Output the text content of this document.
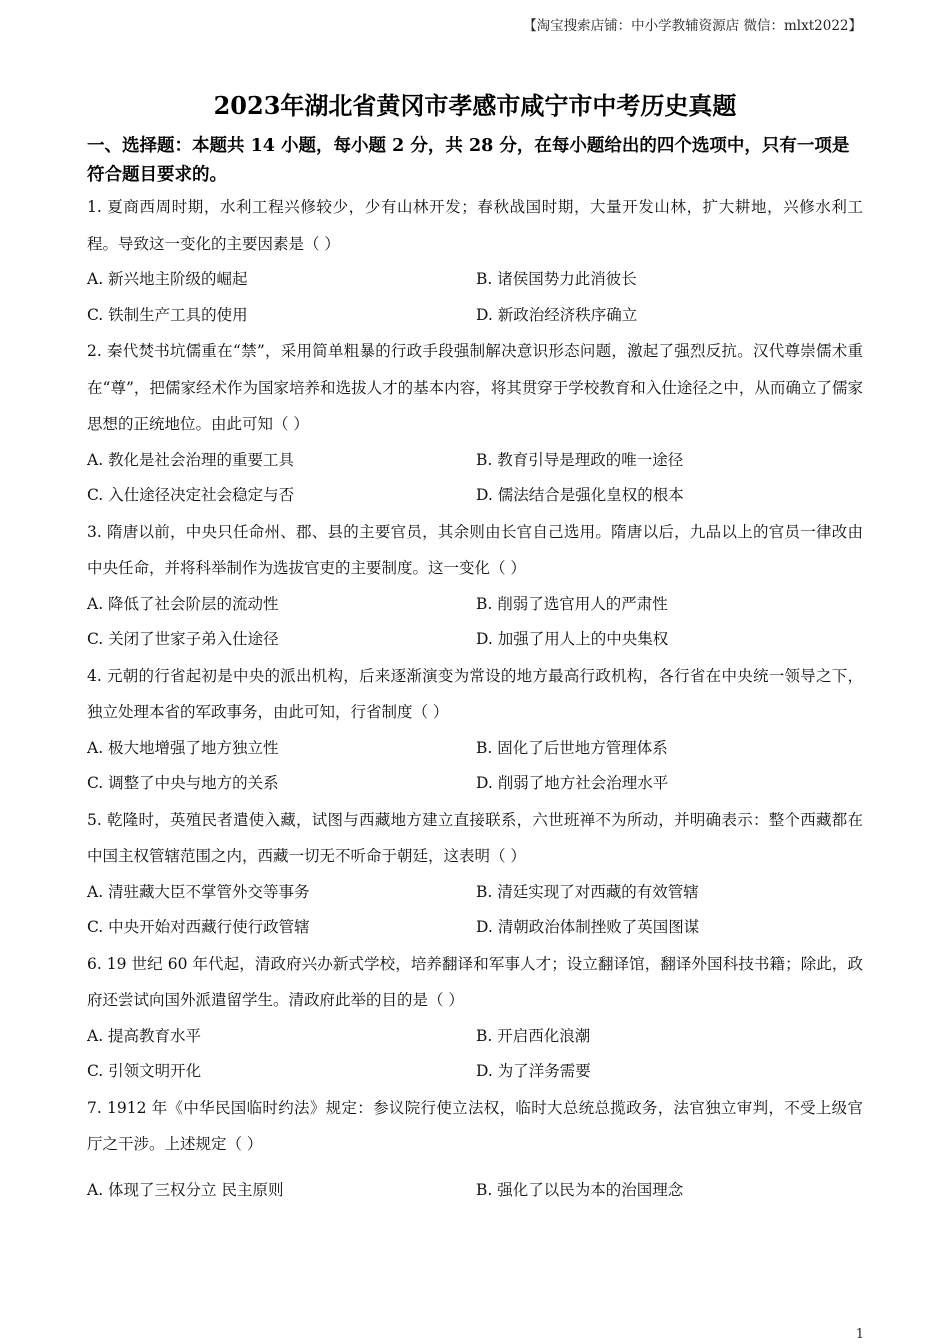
【淘宝搜索店铺：中小学教辅资源店 微信：mlxt2022】
2023年湖北省黄冈市孝感市咸宁市中考历史真题
一、选择题：本题共 14 小题，每小题 2 分，共 28 分，在每小题给出的四个选项中，只有一项是符合题目要求的。

1. 夏商西周时期，水利工程兴修较少，少有山林开发；春秋战国时期，大量开发山林，扩大耕地，兴修水利工程。导致这一变化的主要因素是（ ）

A. 新兴地主阶级的崛起	B. 诸侯国势力此消彼长
C. 铁制生产工具的使用	D. 新政治经济秩序确立

2. 秦代焚书坑儒重在“禁”，采用简单粗暴的行政手段强制解决意识形态问题，激起了强烈反抗。汉代尊崇儒术重在“尊”，把儒家经术作为国家培养和选拔人才的基本内容，将其贯穿于学校教育和入仕途径之中，从而确立了儒家思想的正统地位。由此可知（ ）

A. 教化是社会治理的重要工具	B. 教育引导是理政的唯一途径
C. 入仕途径决定社会稳定与否	D. 儒法结合是强化皇权的根本

3. 隋唐以前，中央只任命州、郡、县的主要官员，其余则由长官自己选用。隋唐以后，九品以上的官员一律改由中央任命，并将科举制作为选拔官吏的主要制度。这一变化（ ）

A. 降低了社会阶层的流动性	B. 削弱了选官用人的严肃性
C. 关闭了世家子弟入仕途径	D. 加强了用人上的中央集权

4. 元朝的行省起初是中央的派出机构，后来逐渐演变为常设的地方最高行政机构，各行省在中央统一领导之下，独立处理本省的军政事务，由此可知，行省制度（ ）

A. 极大地增强了地方独立性	B. 固化了后世地方管理体系
C. 调整了中央与地方的关系	D. 削弱了地方社会治理水平

5. 乾隆时，英殖民者遣使入藏，试图与西藏地方建立直接联系，六世班禅不为所动，并明确表示：整个西藏都在中国主权管辖范围之内，西藏一切无不听命于朝廷，这表明（ ）

A. 清驻藏大臣不掌管外交等事务	B. 清廷实现了对西藏的有效管辖
C. 中央开始对西藏行使行政管辖	D. 清朝政治体制挫败了英国图谋

6. 19 世纪 60 年代起，清政府兴办新式学校，培养翻译和军事人才；设立翻译馆，翻译外国科技书籍；除此，政府还尝试向国外派遣留学生。清政府此举的目的是（ ）

A. 提高教育水平	B. 开启西化浪潮
C. 引领文明开化	D. 为了洋务需要

7. 1912 年《中华民国临时约法》规定：参议院行使立法权，临时大总统总揽政务，法官独立审判，不受上级官厅之干涉。上述规定（ ）

A. 体现了三权分立 民主原则	B. 强化了以民为本的治国理念
1
